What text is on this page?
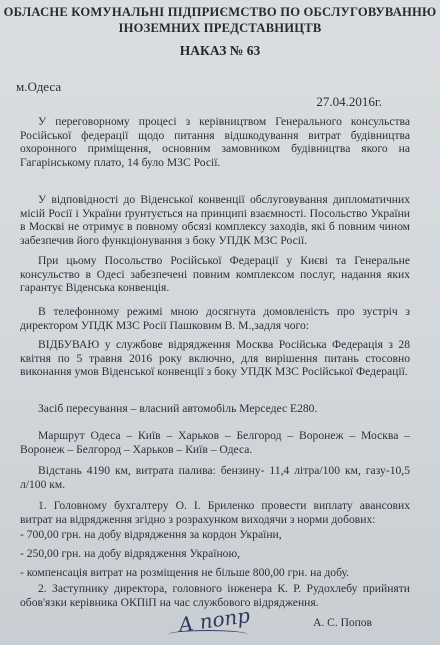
ОБЛАСНЕ КОМУНАЛЬНІ ПІДПРИЄМСТВО ПО ОБСЛУГОВУВАННЮ
ІНОЗЕМНИХ ПРЕДСТАВНИЦТВ
НАКАЗ № 63
м.Одеса
27.04.2016г.
У переговорному процесі з керівництвом Генерального консульства Російської федерації щодо питання відшкодування витрат будівництва охоронного приміщення, основним замовником будівництва якого на Гагарінському плато, 14 було МЗС Росії.
У відповідності до Віденської конвенції обслуговування дипломатичних місій Росії і України ґрунтується на принципі взаємності. Посольство України в Москві не отримує в повному обсязі комплексу заходів, які б повним чином забезпечив його функціонування з боку УПДК МЗС Росії.
При цьому Посольство Російської Федерації у Києві та Генеральне консульство в Одесі забезпечені повним комплексом послуг, надання яких гарантує Віденська конвенція.
В телефонному режимі мною досягнута домовленість про зустріч з директором УПДК МЗС Росії Пашковим В. М.,задля чого:
ВІДБУВАЮ у службове відрядження Москва Російська Федерація з 28 квітня по 5 травня 2016 року включно, для вирішення питань стосовно виконання умов Віденської конвенції з боку УПДК МЗС Російської Федерації.
Засіб пересування – власний автомобіль Мерседес Е280.
Маршрут Одеса – Київ – Харьков – Белгород – Воронеж – Москва – Воронеж – Белгород – Харьков – Київ – Одеса.
Відстань 4190 км, витрата палива: бензину- 11,4 літра/100 км, газу-10,5 л/100 км.
1. Головному бухгалтеру О. І. Бриленко провести виплату авансових витрат на відрядження згідно з розрахунком виходячи з норми добових:
- 700,00 грн. на добу відрядження за кордон України,
- 250,00 грн. на добу відрядження Україною,
- компенсація витрат на розміщення не більше 800,00 грн. на добу.
2. Заступнику директора, головного інженера К. Р. Рудохлебу прийняти обов'язки керівника ОКПіП на час службового відрядження.
А попр	А. С. Попов
